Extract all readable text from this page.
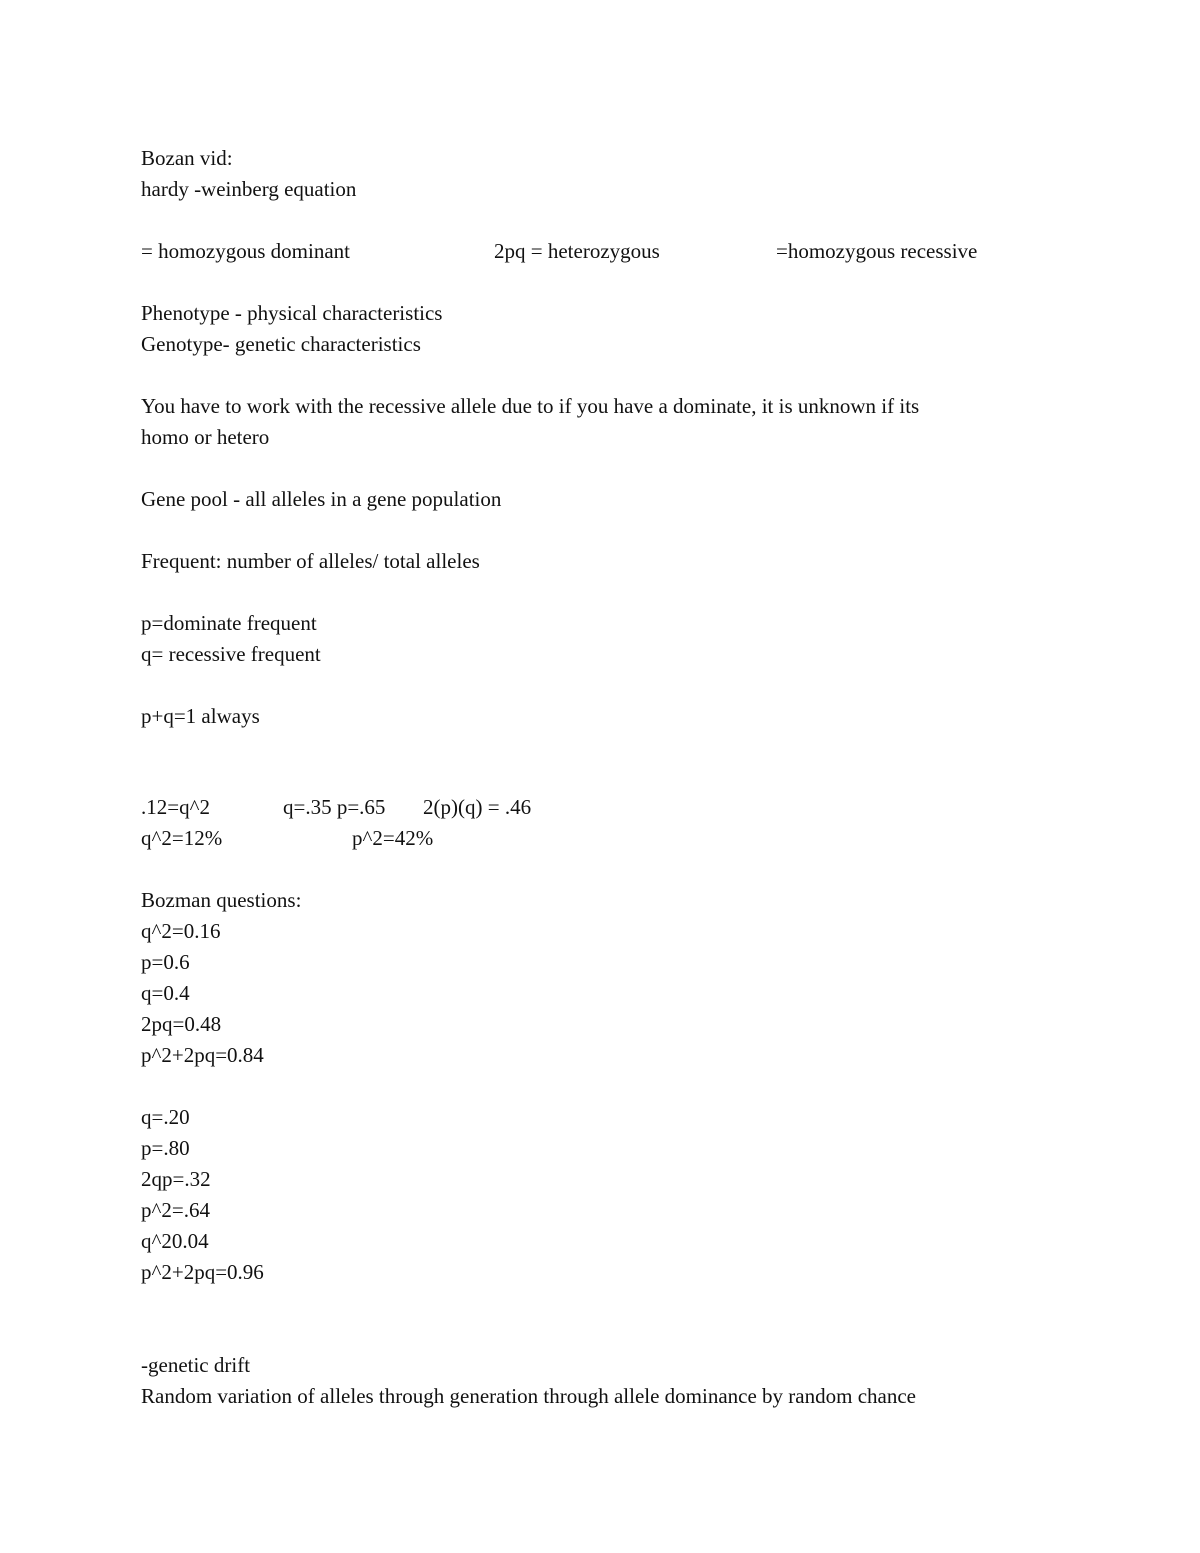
Bozan vid:
hardy -weinberg equation
= homozygous dominant	2pq = heterozygous	=homozygous recessive
Phenotype - physical characteristics
Genotype- genetic characteristics
You have to work with the recessive allele due to if you have a dominate, it is unknown if its
homo or hetero
Gene pool - all alleles in a gene population
Frequent: number of alleles/ total alleles
p=dominate frequent
q= recessive frequent
p+q=1 always
.12=q^2	q=.35 p=.65 2(p)(q) = .46
q^2=12%	p^2=42%
Bozman questions:
q^2=0.16
p=0.6
q=0.4
2pq=0.48
p^2+2pq=0.84
q=.20
p=.80
2qp=.32
p^2=.64
q^20.04
p^2+2pq=0.96
-genetic drift
Random variation of alleles through generation through allele dominance by random chance
